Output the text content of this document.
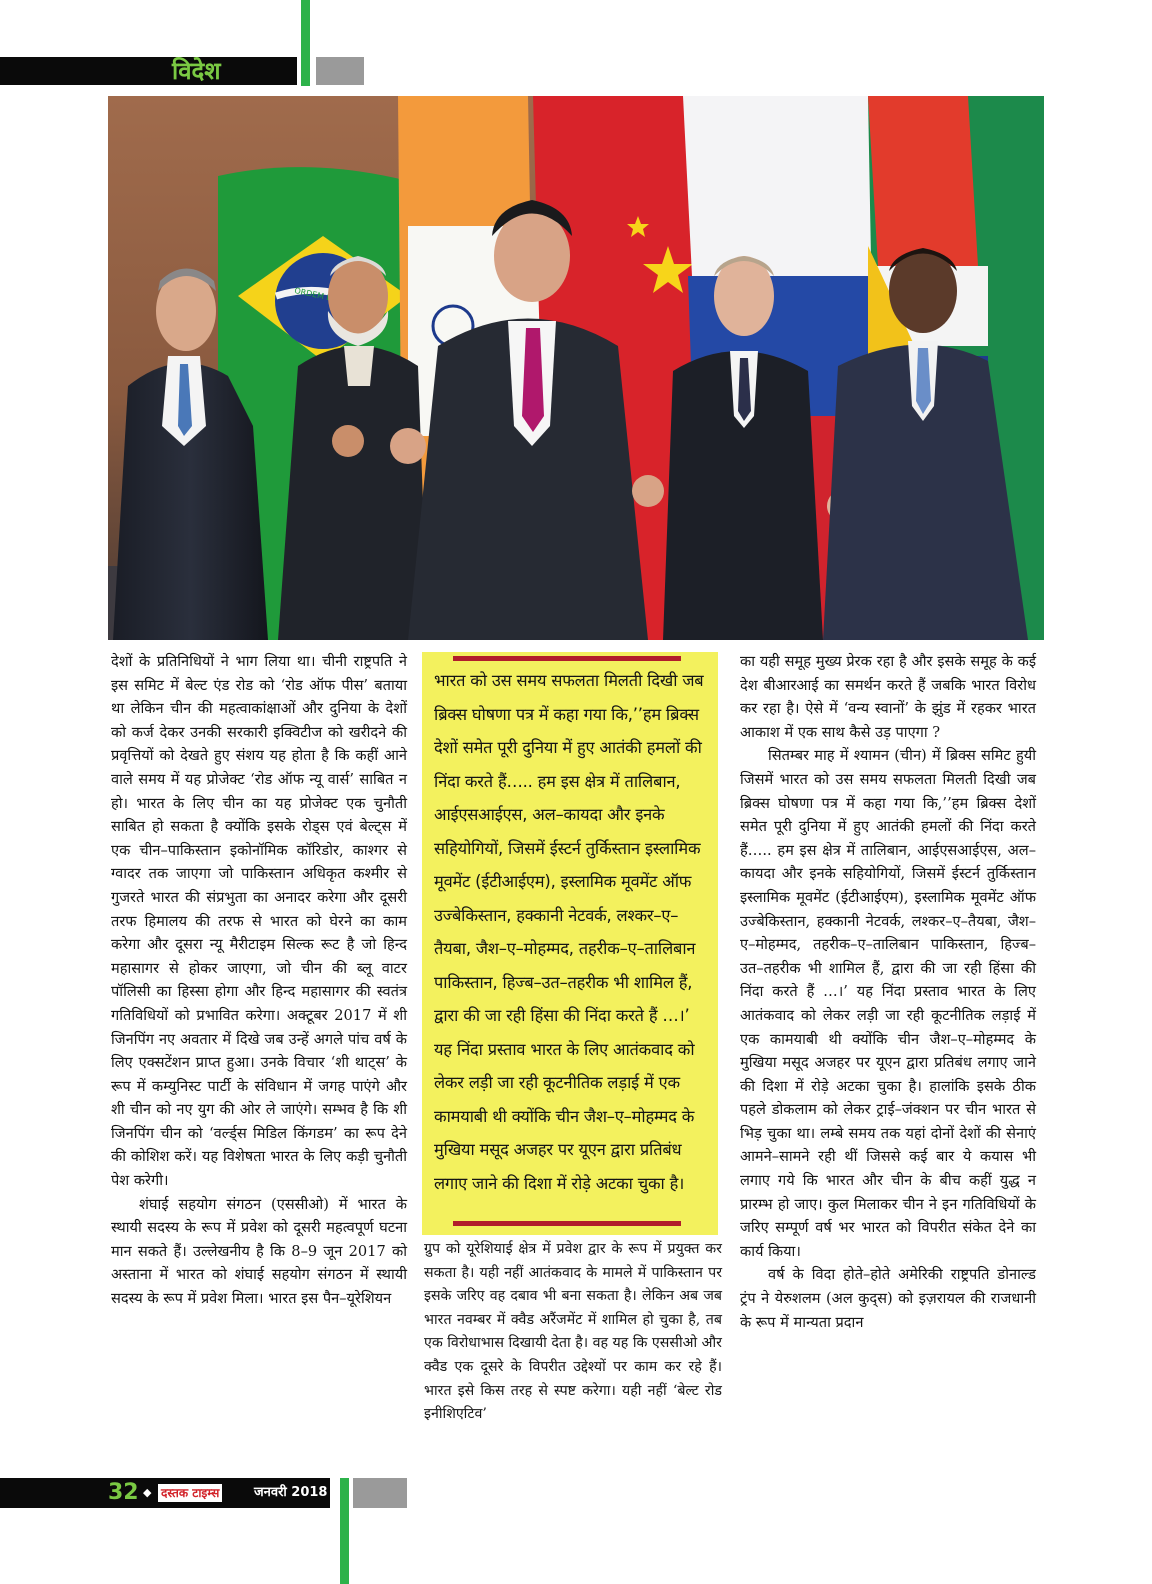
विदेश
ORDEM

देशों के प्रतिनिधियों ने भाग लिया था। चीनी राष्ट्रपति ने इस समिट में बेल्ट एंड रोड को ‘रोड ऑफ पीस’ बताया था लेकिन चीन की महत्वाकांक्षाओं और दुनिया के देशों को कर्ज देकर उनकी सरकारी इक्विटीज को खरीदने की प्रवृत्तियों को देखते हुए संशय यह होता है कि कहीं आने वाले समय में यह प्रोजेक्ट ‘रोड ऑफ न्यू वार्स’ साबित न हो। भारत के लिए चीन का यह प्रोजेक्ट एक चुनौती साबित हो सकता है क्योंकि इसके रोड्स एवं बेल्ट्स में एक चीन–पाकिस्तान इकोनॉमिक कॉरिडोर, काश्गर से ग्वादर तक जाएगा जो पाकिस्तान अधिकृत कश्मीर से गुजरते भारत की संप्रभुता का अनादर करेगा और दूसरी तरफ हिमालय की तरफ से भारत को घेरने का काम करेगा और दूसरा न्यू मैरीटाइम सिल्क रूट है जो हिन्द महासागर से होकर जाएगा, जो चीन की ब्लू वाटर पॉलिसी का हिस्सा होगा और हिन्द महासागर की स्वतंत्र गतिविधियों को प्रभावित करेगा। अक्टूबर 2017 में शी जिनपिंग नए अवतार में दिखे जब उन्हें अगले पांच वर्ष के लिए एक्सटेंशन प्राप्त हुआ। उनके विचार ‘शी थाट्स’ के रूप में कम्युनिस्ट पार्टी के संविधान में जगह पाएंगे और शी चीन को नए युग की ओर ले जाएंगे। सम्भव है कि शी जिनपिंग चीन को ‘वर्ल्ड्स मिडिल किंगडम’ का रूप देने की कोशिश करें। यह विशेषता भारत के लिए कड़ी चुनौती पेश करेगी।

शंघाई सहयोग संगठन (एससीओ) में भारत के स्थायी सदस्य के रूप में प्रवेश को दूसरी महत्वपूर्ण घटना मान सकते हैं। उल्लेखनीय है कि 8–9 जून 2017 को अस्ताना में भारत को शंघाई सहयोग संगठन में स्थायी सदस्य के रूप में प्रवेश मिला। भारत इस पैन–यूरेशियन

भारत को उस समय सफलता मिलती दिखी जब ब्रिक्स घोषणा पत्र में कहा गया कि,’’हम ब्रिक्स देशों समेत पूरी दुनिया में हुए आतंकी हमलों की निंदा करते हैं….. हम इस क्षेत्र में तालिबान, आईएसआईएस, अल–कायदा और इनके सहियोगियों, जिसमें ईस्टर्न तुर्किस्तान इस्लामिक मूवमेंट (ईटीआईएम), इस्लामिक मूवमेंट ऑफ उज्बेकिस्तान, हक्कानी नेटवर्क, लश्कर–ए–तैयबा, जैश–ए–मोहम्मद, तहरीक–ए–तालिबान पाकिस्तान, हिज्ब–उत–तहरीक भी शामिल हैं, द्वारा की जा रही हिंसा की निंदा करते हैं …।’ यह निंदा प्रस्ताव भारत के लिए आतंकवाद को लेकर लड़ी जा रही कूटनीतिक लड़ाई में एक कामयाबी थी क्योंकि चीन जैश–ए–मोहम्मद के मुखिया मसूद अजहर पर यूएन द्वारा प्रतिबंध लगाए जाने की दिशा में रोड़े अटका चुका है।

ग्रुप को यूरेशियाई क्षेत्र में प्रवेश द्वार के रूप में प्रयुक्त कर सकता है। यही नहीं आतंकवाद के मामले में पाकिस्तान पर इसके जरिए वह दबाव भी बना सकता है। लेकिन अब जब भारत नवम्बर में क्वैड अरैंजमेंट में शामिल हो चुका है, तब एक विरोधाभास दिखायी देता है। वह यह कि एससीओ और क्वैड एक दूसरे के विपरीत उद्देश्यों पर काम कर रहे हैं। भारत इसे किस तरह से स्पष्ट करेगा। यही नहीं ‘बेल्ट रोड इनीशिएटिव’

का यही समूह मुख्य प्रेरक रहा है और इसके समूह के कई देश बीआरआई का समर्थन करते हैं जबकि भारत विरोध कर रहा है। ऐसे में ‘वन्य स्वानों’ के झुंड में रहकर भारत आकाश में एक साथ कैसे उड़ पाएगा ?

सितम्बर माह में श्यामन (चीन) में ब्रिक्स समिट हुयी जिसमें भारत को उस समय सफलता मिलती दिखी जब ब्रिक्स घोषणा पत्र में कहा गया कि,’’हम ब्रिक्स देशों समेत पूरी दुनिया में हुए आतंकी हमलों की निंदा करते हैं….. हम इस क्षेत्र में तालिबान, आईएसआईएस, अल–कायदा और इनके सहियोगियों, जिसमें ईस्टर्न तुर्किस्तान इस्लामिक मूवमेंट (ईटीआईएम), इस्लामिक मूवमेंट ऑफ उज्बेकिस्तान, हक्कानी नेटवर्क, लश्कर–ए–तैयबा, जैश–ए–मोहम्मद, तहरीक–ए–तालिबान पाकिस्तान, हिज्ब–उत–तहरीक भी शामिल हैं, द्वारा की जा रही हिंसा की निंदा करते हैं …।’ यह निंदा प्रस्ताव भारत के लिए आतंकवाद को लेकर लड़ी जा रही कूटनीतिक लड़ाई में एक कामयाबी थी क्योंकि चीन जैश–ए–मोहम्मद के मुखिया मसूद अजहर पर यूएन द्वारा प्रतिबंध लगाए जाने की दिशा में रोड़े अटका चुका है। हालांकि इसके ठीक पहले डोकलाम को लेकर ट्राई–जंक्शन पर चीन भारत से भिड़ चुका था। लम्बे समय तक यहां दोनों देशों की सेनाएं आमने–सामने रही थीं जिससे कई बार ये कयास भी लगाए गये कि भारत और चीन के बीच कहीं युद्ध न प्रारम्भ हो जाए। कुल मिलाकर चीन ने इन गतिविधियों के जरिए सम्पूर्ण वर्ष भर भारत को विपरीत संकेत देने का कार्य किया।

वर्ष के विदा होते–होते अमेरिकी राष्ट्रपति डोनाल्ड ट्रंप ने येरुशलम (अल कुद्स) को इज़रायल की राजधानी के रूप में मान्यता प्रदान

32 ◆ दस्तक टाइम्स	जनवरी 2018
